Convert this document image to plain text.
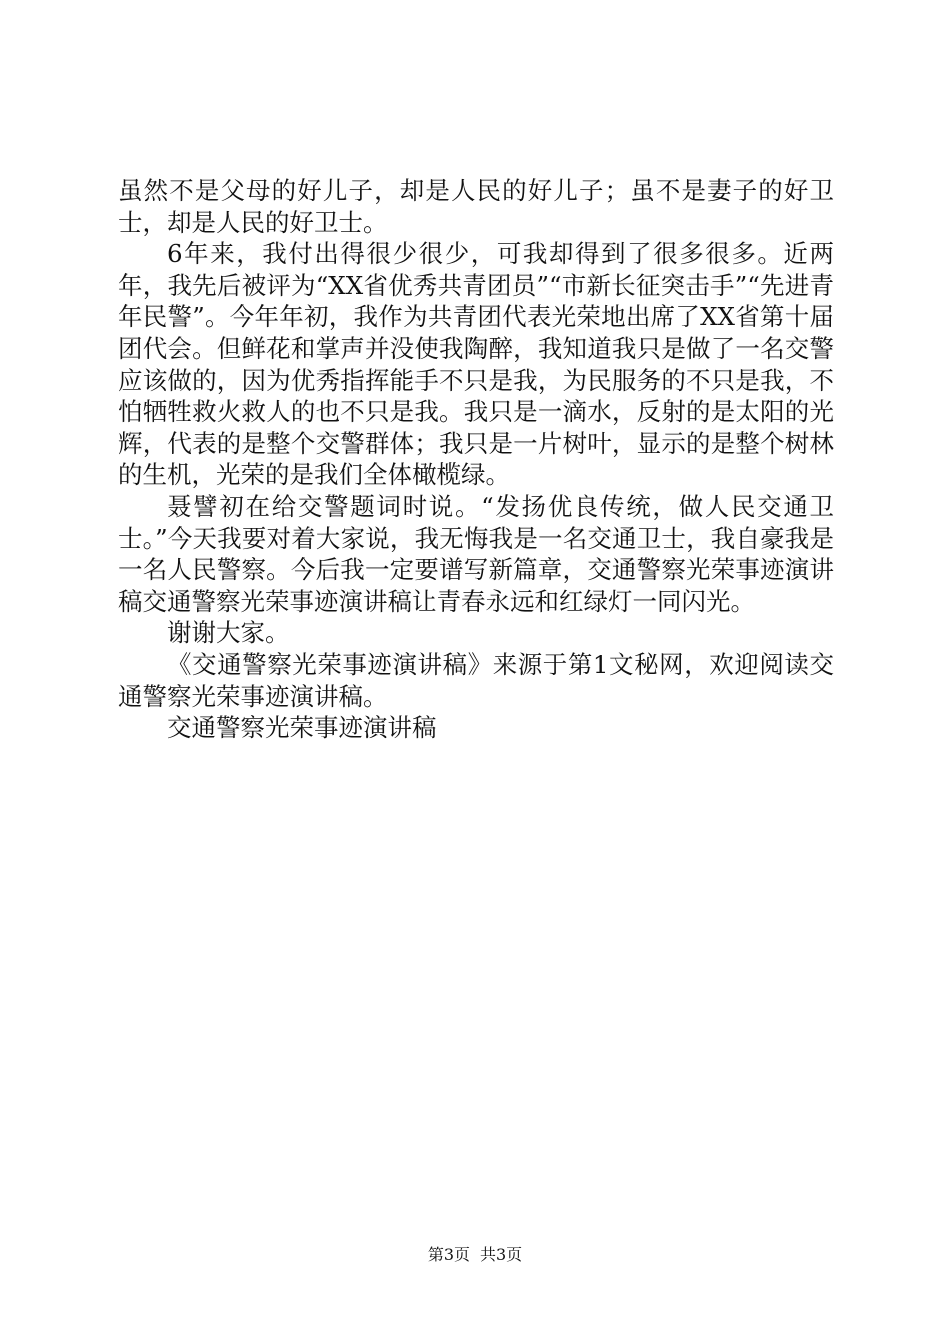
虽然不是父母的好儿子，却是人民的好儿子；虽不是妻子的好卫士，却是人民的好卫士。

6年来，我付出得很少很少，可我却得到了很多很多。近两年，我先后被评为“XX省优秀共青团员”“市新长征突击手”“先进青年民警”。今年年初，我作为共青团代表光荣地出席了XX省第十届团代会。但鲜花和掌声并没使我陶醉，我知道我只是做了一名交警应该做的，因为优秀指挥能手不只是我，为民服务的不只是我，不怕牺牲救火救人的也不只是我。我只是一滴水，反射的是太阳的光辉，代表的是整个交警群体；我只是一片树叶，显示的是整个树林的生机，光荣的是我们全体橄榄绿。

聂譬初在给交警题词时说。“发扬优良传统，做人民交通卫士。”今天我要对着大家说，我无悔我是一名交通卫士，我自豪我是一名人民警察。今后我一定要谱写新篇章，交通警察光荣事迹演讲稿交通警察光荣事迹演讲稿让青春永远和红绿灯一同闪光。

谢谢大家。

《交通警察光荣事迹演讲稿》来源于第1文秘网，欢迎阅读交通警察光荣事迹演讲稿。

交通警察光荣事迹演讲稿

第3页 共3页
